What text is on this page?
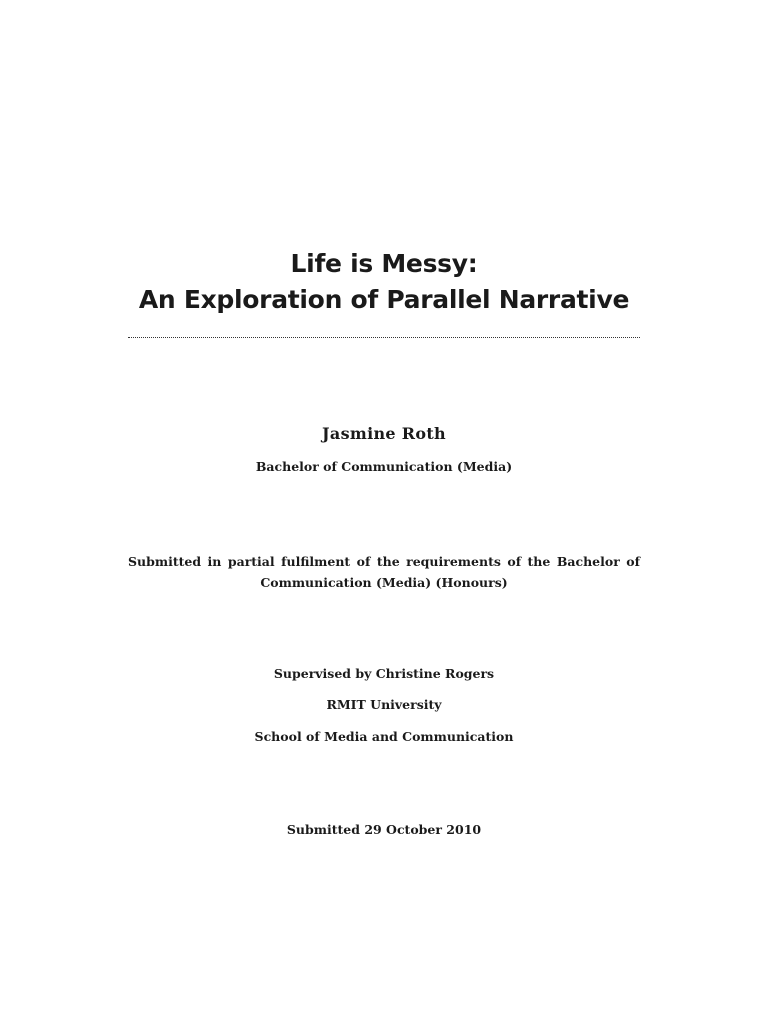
Life is Messy:
An Exploration of Parallel Narrative
Jasmine Roth
Bachelor of Communication (Media)
Submitted in partial fulfilment of the requirements of the Bachelor of Communication (Media) (Honours)
Supervised by Christine Rogers
RMIT University
School of Media and Communication
Submitted 29 October 2010
